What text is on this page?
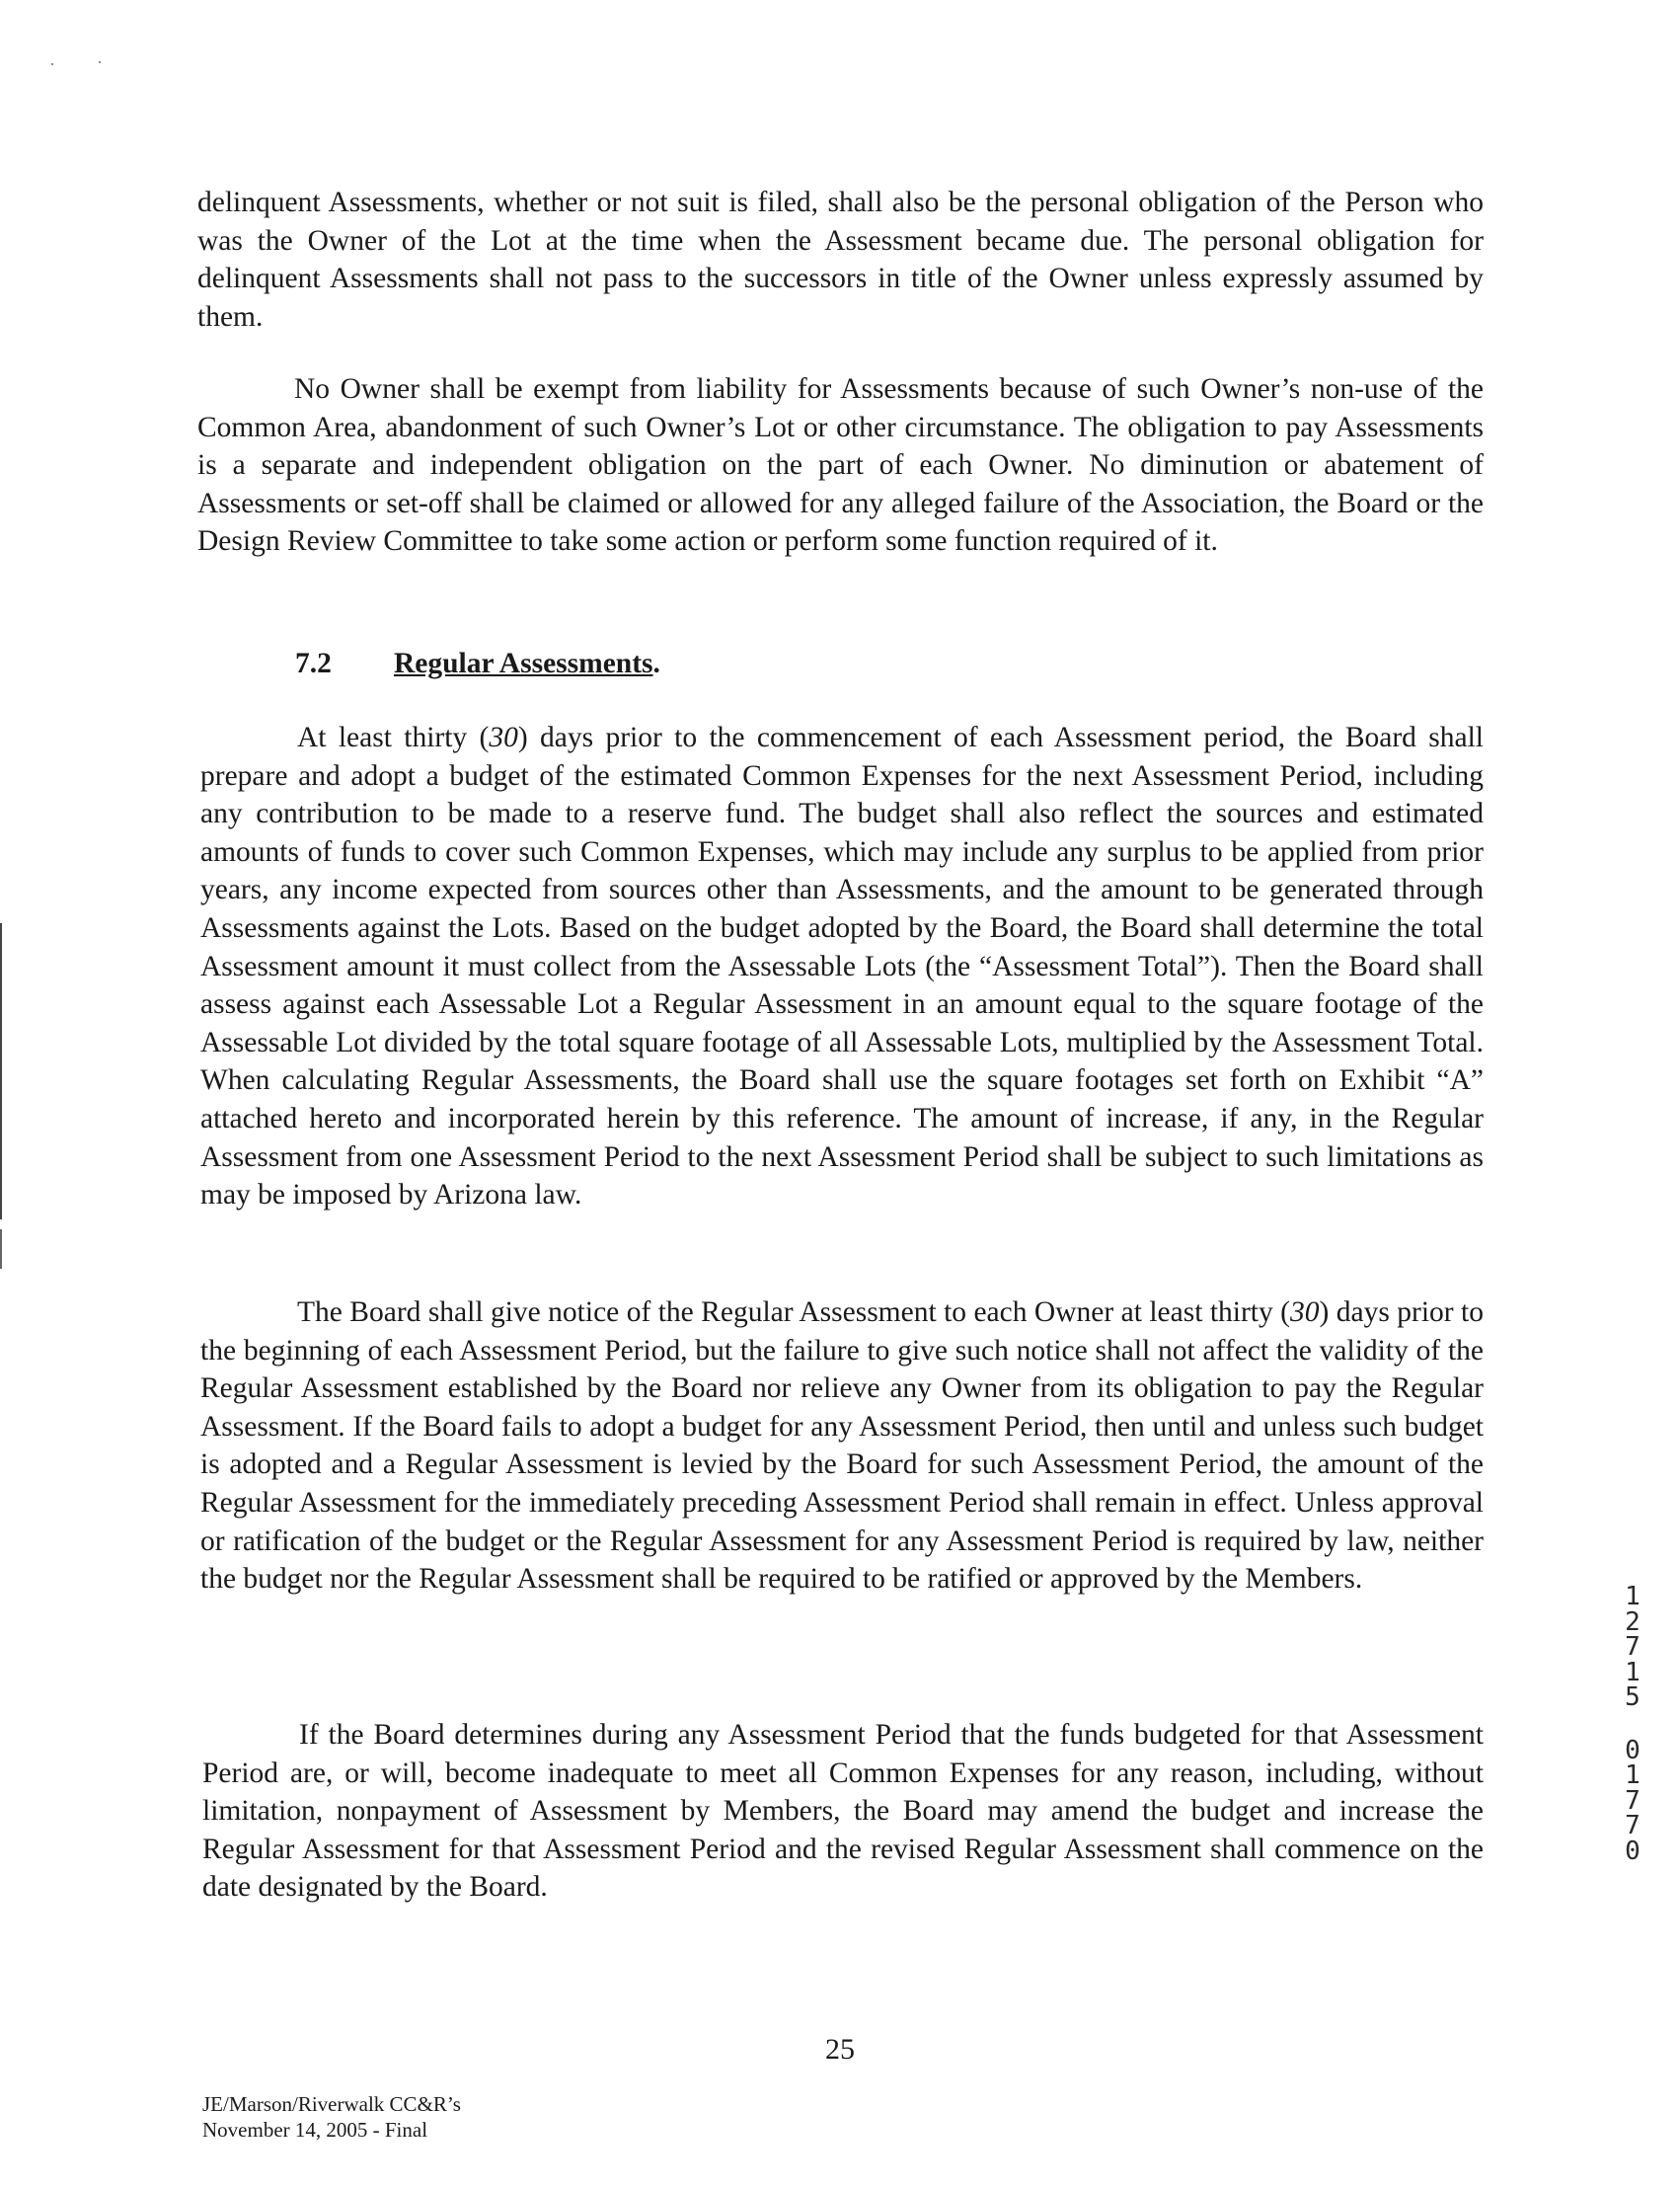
delinquent Assessments, whether or not suit is filed, shall also be the personal obligation of the Person who was the Owner of the Lot at the time when the Assessment became due. The personal obligation for delinquent Assessments shall not pass to the successors in title of the Owner unless expressly assumed by them.

No Owner shall be exempt from liability for Assessments because of such Owner’s non-use of the Common Area, abandonment of such Owner’s Lot or other circumstance. The obligation to pay Assessments is a separate and independent obligation on the part of each Owner. No diminution or abatement of Assessments or set-off shall be claimed or allowed for any alleged failure of the Association, the Board or the Design Review Committee to take some action or perform some function required of it.

7.2 Regular Assessments.

At least thirty (30) days prior to the commencement of each Assessment period, the Board shall prepare and adopt a budget of the estimated Common Expenses for the next Assessment Period, including any contribution to be made to a reserve fund. The budget shall also reflect the sources and estimated amounts of funds to cover such Common Expenses, which may include any surplus to be applied from prior years, any income expected from sources other than Assessments, and the amount to be generated through Assessments against the Lots. Based on the budget adopted by the Board, the Board shall determine the total Assessment amount it must collect from the Assessable Lots (the “Assessment Total”). Then the Board shall assess against each Assessable Lot a Regular Assessment in an amount equal to the square footage of the Assessable Lot divided by the total square footage of all Assessable Lots, multiplied by the Assessment Total. When calculating Regular Assessments, the Board shall use the square footages set forth on Exhibit “A” attached hereto and incorporated herein by this reference. The amount of increase, if any, in the Regular Assessment from one Assessment Period to the next Assessment Period shall be subject to such limitations as may be imposed by Arizona law.

The Board shall give notice of the Regular Assessment to each Owner at least thirty (30) days prior to the beginning of each Assessment Period, but the failure to give such notice shall not affect the validity of the Regular Assessment established by the Board nor relieve any Owner from its obligation to pay the Regular Assessment. If the Board fails to adopt a budget for any Assessment Period, then until and unless such budget is adopted and a Regular Assessment is levied by the Board for such Assessment Period, the amount of the Regular Assessment for the immediately preceding Assessment Period shall remain in effect. Unless approval or ratification of the budget or the Regular Assessment for any Assessment Period is required by law, neither the budget nor the Regular Assessment shall be required to be ratified or approved by the Members.

If the Board determines during any Assessment Period that the funds budgeted for that Assessment Period are, or will, become inadequate to meet all Common Expenses for any reason, including, without limitation, nonpayment of Assessment by Members, the Board may amend the budget and increase the Regular Assessment for that Assessment Period and the revised Regular Assessment shall commence on the date designated by the Board.

1
2
7
1
5
0
1
7
7
0
25
JE/Marson/Riverwalk CC&R’s
November 14, 2005 - Final
